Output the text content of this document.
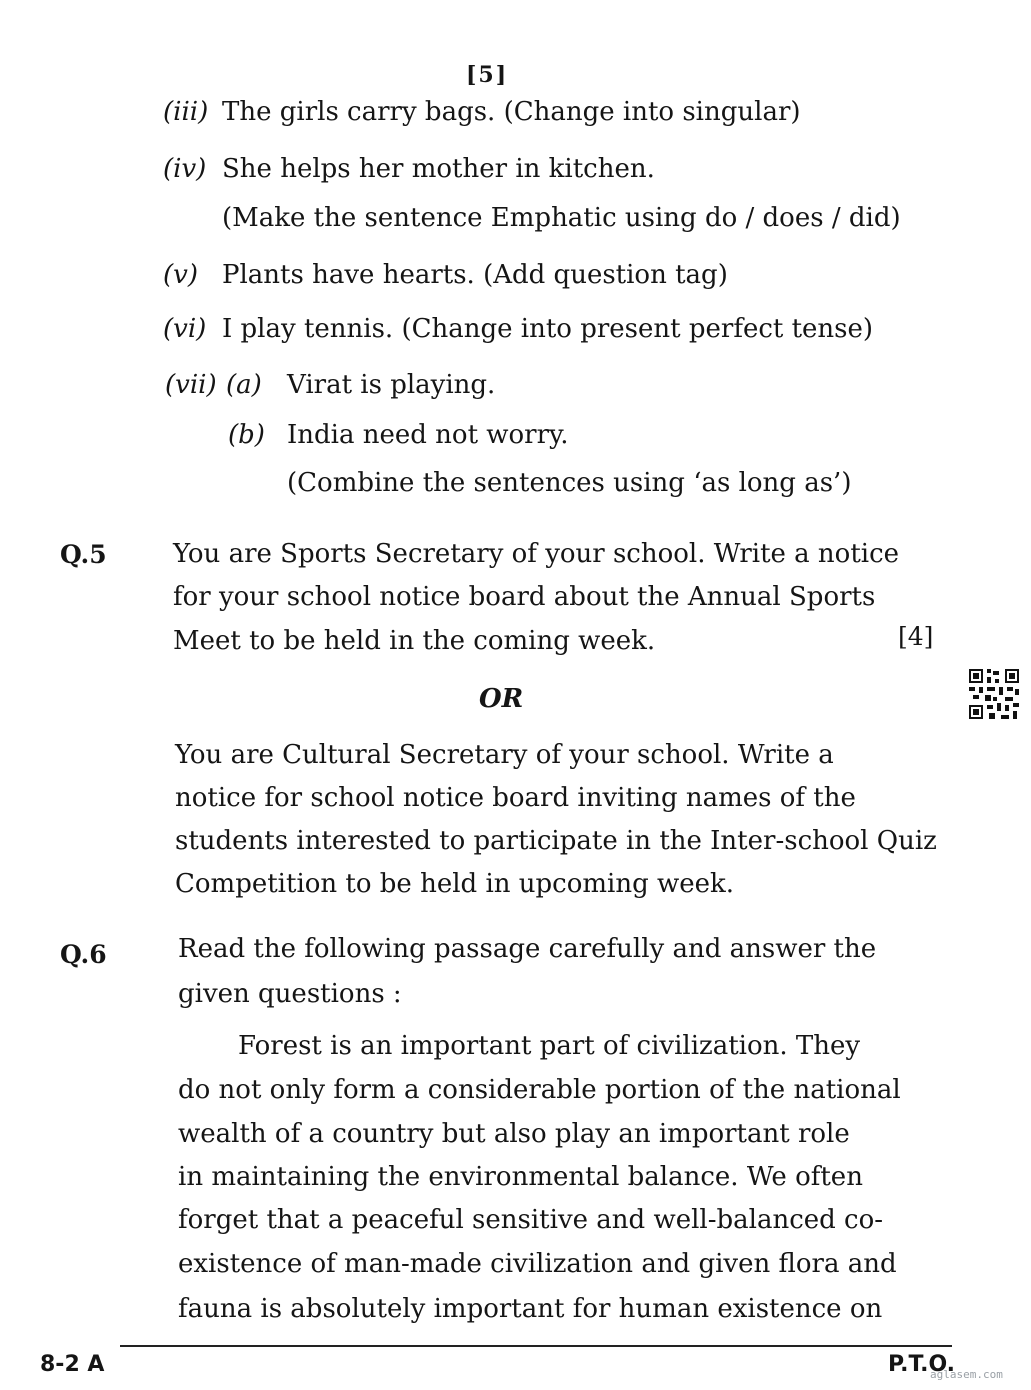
[5]
(iii) The girls carry bags. (Change into singular)
(iv) She helps her mother in kitchen.
(Make the sentence Emphatic using do / does / did)
(v) Plants have hearts. (Add question tag)
(vi) I play tennis. (Change into present perfect tense)
(vii) (a) Virat is playing.
(b) India need not worry.
(Combine the sentences using ‘as long as’)
Q.5	You are Sports Secretary of your school. Write a notice
for your school notice board about the Annual Sports
Meet to be held in the coming week.	[4]
OR
You are Cultural Secretary of your school. Write a
notice for school notice board inviting names of the
students interested to participate in the Inter-school Quiz
Competition to be held in upcoming week.
Q.6	Read the following passage carefully and answer the
given questions :
Forest is an important part of civilization. They
do not only form a considerable portion of the national
wealth of a country but also play an important role
in maintaining the environmental balance. We often
forget that a peaceful sensitive and well-balanced co-
existence of man-made civilization and given flora and
fauna is absolutely important for human existence on
8-2 A	P.T.O.
aglasem.com
